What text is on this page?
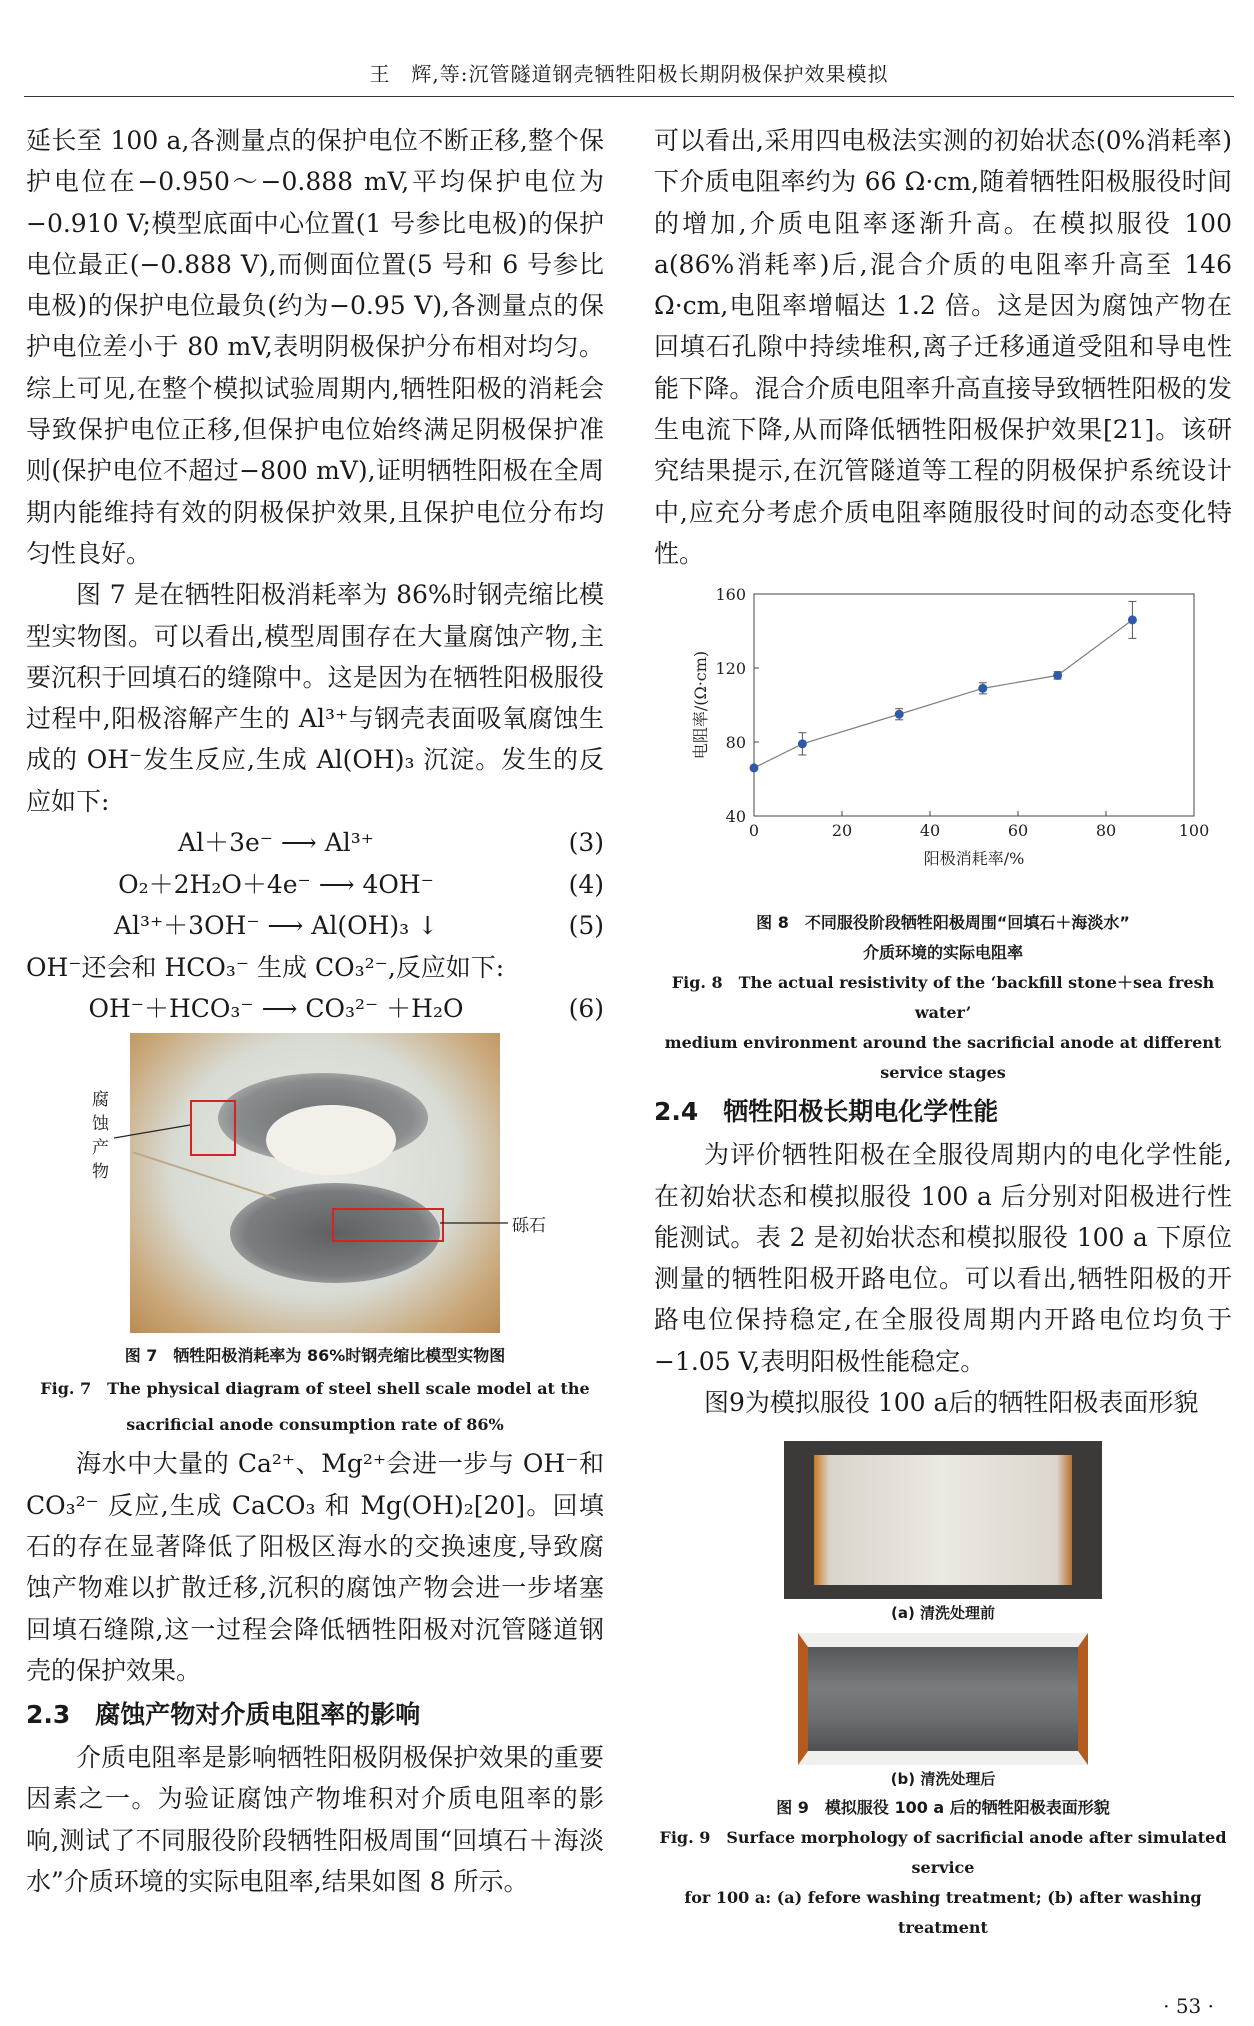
王　辉,等:沉管隧道钢壳牺牲阳极长期阴极保护效果模拟

延长至 100 a,各测量点的保护电位不断正移,整个保护电位在−0.950～−0.888 mV,平均保护电位为−0.910 V;模型底面中心位置(1 号参比电极)的保护电位最正(−0.888 V),而侧面位置(5 号和 6 号参比电极)的保护电位最负(约为−0.95 V),各测量点的保护电位差小于 80 mV,表明阴极保护分布相对均匀。综上可见,在整个模拟试验周期内,牺牲阳极的消耗会导致保护电位正移,但保护电位始终满足阴极保护准则(保护电位不超过−800 mV),证明牺牲阳极在全周期内能维持有效的阴极保护效果,且保护电位分布均匀性良好。

图 7 是在牺牲阳极消耗率为 86%时钢壳缩比模型实物图。可以看出,模型周围存在大量腐蚀产物,主要沉积于回填石的缝隙中。这是因为在牺牲阳极服役过程中,阳极溶解产生的 Al³⁺与钢壳表面吸氧腐蚀生成的 OH⁻发生反应,生成 Al(OH)₃ 沉淀。发生的反应如下:

Al＋3e⁻ ⟶ Al³⁺	(3)
O₂＋2H₂O＋4e⁻ ⟶ 4OH⁻	(4)
Al³⁺＋3OH⁻ ⟶ Al(OH)₃ ↓	(5)

OH⁻还会和 HCO₃⁻ 生成 CO₃²⁻,反应如下:

OH⁻＋HCO₃⁻ ⟶ CO₃²⁻ ＋H₂O	(6)
腐蚀产物
砾石
图 7　牺牲阳极消耗率为 86%时钢壳缩比模型实物图
Fig. 7　The physical diagram of steel shell scale model at the sacrificial anode consumption rate of 86%

海水中大量的 Ca²⁺、Mg²⁺会进一步与 OH⁻和 CO₃²⁻ 反应,生成 CaCO₃ 和 Mg(OH)₂[20]。回填石的存在显著降低了阳极区海水的交换速度,导致腐蚀产物难以扩散迁移,沉积的腐蚀产物会进一步堵塞回填石缝隙,这一过程会降低牺牲阳极对沉管隧道钢壳的保护效果。

2.3　腐蚀产物对介质电阻率的影响

介质电阻率是影响牺牲阳极阴极保护效果的重要因素之一。为验证腐蚀产物堆积对介质电阻率的影响,测试了不同服役阶段牺牲阳极周围“回填石＋海淡水”介质环境的实际电阻率,结果如图 8 所示。

可以看出,采用四电极法实测的初始状态(0%消耗率)下介质电阻率约为 66 Ω·cm,随着牺牲阳极服役时间的增加,介质电阻率逐渐升高。在模拟服役 100 a(86%消耗率)后,混合介质的电阻率升高至 146 Ω·cm,电阻率增幅达 1.2 倍。这是因为腐蚀产物在回填石孔隙中持续堆积,离子迁移通道受阻和导电性能下降。混合介质电阻率升高直接导致牺牲阳极的发生电流下降,从而降低牺牲阳极保护效果[21]。该研究结果提示,在沉管隧道等工程的阴极保护系统设计中,应充分考虑介质电阻率随服役时间的动态变化特性。

0	20	40	60	80	100
40
80
120
160
阳极消耗率/%
电阻率/(Ω·cm)
图 8　不同服役阶段牺牲阳极周围“回填石＋海淡水”
介质环境的实际电阻率
Fig. 8　The actual resistivity of the ‘backfill stone＋sea fresh water’
medium environment around the sacrificial anode at different
service stages
2.4　牺牲阳极长期电化学性能

为评价牺牲阳极在全服役周期内的电化学性能,在初始状态和模拟服役 100 a 后分别对阳极进行性能测试。表 2 是初始状态和模拟服役 100 a 下原位测量的牺牲阳极开路电位。可以看出,牺牲阳极的开路电位保持稳定,在全服役周期内开路电位均负于−1.05 V,表明阳极性能稳定。

图9为模拟服役 100 a后的牺牲阳极表面形貌

(a) 清洗处理前
(b) 清洗处理后
图 9　模拟服役 100 a 后的牺牲阳极表面形貌
Fig. 9　Surface morphology of sacrificial anode after simulated service
for 100 a: (a) fefore washing treatment; (b) after washing treatment
· 53 ·
